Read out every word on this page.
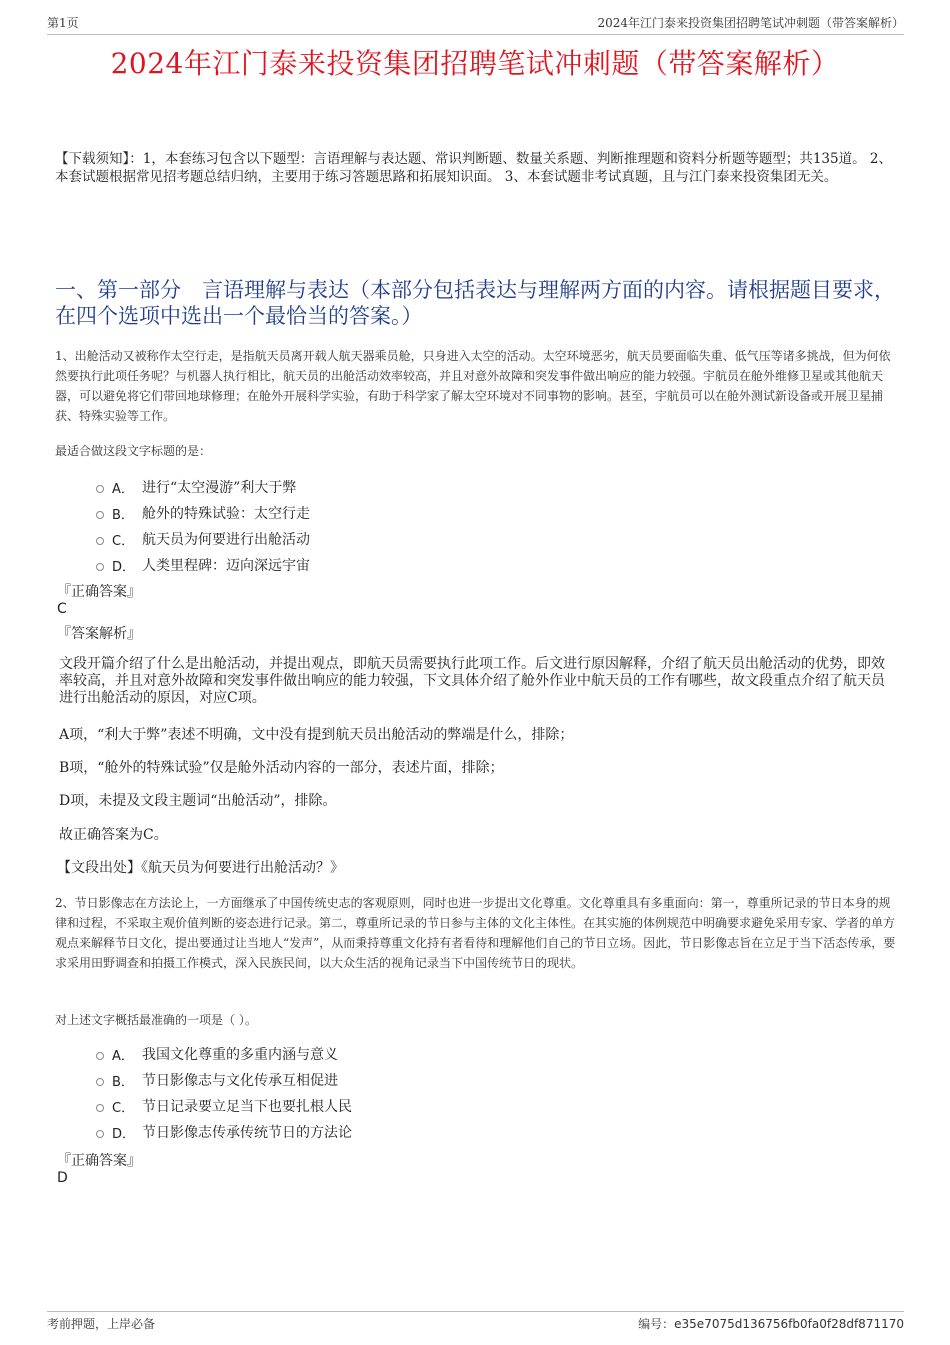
第1页	2024年江门泰来投资集团招聘笔试冲刺题（带答案解析）
2024年江门泰来投资集团招聘笔试冲刺题（带答案解析）
【下载须知】：1，本套练习包含以下题型：言语理解与表达题、常识判断题、数量关系题、判断推理题和资料分析题等题型；共135道。 2、本套试题根据常见招考题总结归纳，主要用于练习答题思路和拓展知识面。 3、本套试题非考试真题，且与江门泰来投资集团无关。
一、第一部分　言语理解与表达（本部分包括表达与理解两方面的内容。请根据题目要求，在四个选项中选出一个最恰当的答案。）
1、出舱活动又被称作太空行走，是指航天员离开载人航天器乘员舱，只身进入太空的活动。太空环境恶劣，航天员要面临失重、低气压等诸多挑战，但为何依然要执行此项任务呢？与机器人执行相比，航天员的出舱活动效率较高，并且对意外故障和突发事件做出响应的能力较强。宇航员在舱外维修卫星或其他航天器，可以避免将它们带回地球修理；在舱外开展科学实验，有助于科学家了解太空环境对不同事物的影响。甚至，宇航员可以在舱外测试新设备或开展卫星捕获、特殊实验等工作。
最适合做这段文字标题的是：
A． 进行“太空漫游”利大于弊
B． 舱外的特殊试验：太空行走
C． 航天员为何要进行出舱活动
D． 人类里程碑：迈向深远宇宙
『正确答案』
C
『答案解析』
文段开篇介绍了什么是出舱活动，并提出观点，即航天员需要执行此项工作。后文进行原因解释，介绍了航天员出舱活动的优势，即效率较高，并且对意外故障和突发事件做出响应的能力较强，下文具体介绍了舱外作业中航天员的工作有哪些，故文段重点介绍了航天员进行出舱活动的原因，对应C项。
A项，“利大于弊”表述不明确，文中没有提到航天员出舱活动的弊端是什么，排除；
B项，“舱外的特殊试验”仅是舱外活动内容的一部分，表述片面，排除；
D项，未提及文段主题词“出舱活动”，排除。
故正确答案为C。
【文段出处】《航天员为何要进行出舱活动？》
2、节日影像志在方法论上，一方面继承了中国传统史志的客观原则，同时也进一步提出文化尊重。文化尊重具有多重面向：第一，尊重所记录的节日本身的规律和过程，不采取主观价值判断的姿态进行记录。第二，尊重所记录的节日参与主体的文化主体性。在其实施的体例规范中明确要求避免采用专家、学者的单方观点来解释节日文化，提出要通过让当地人“发声”，从而秉持尊重文化持有者看待和理解他们自己的节日立场。因此，节日影像志旨在立足于当下活态传承，要求采用田野调查和拍摄工作模式，深入民族民间，以大众生活的视角记录当下中国传统节日的现状。
对上述文字概括最准确的一项是（ ）。
A． 我国文化尊重的多重内涵与意义
B． 节日影像志与文化传承互相促进
C． 节日记录要立足当下也要扎根人民
D． 节日影像志传承传统节日的方法论
『正确答案』
D
考前押题，上岸必备	编号：e35e7075d136756fb0fa0f28df871170
